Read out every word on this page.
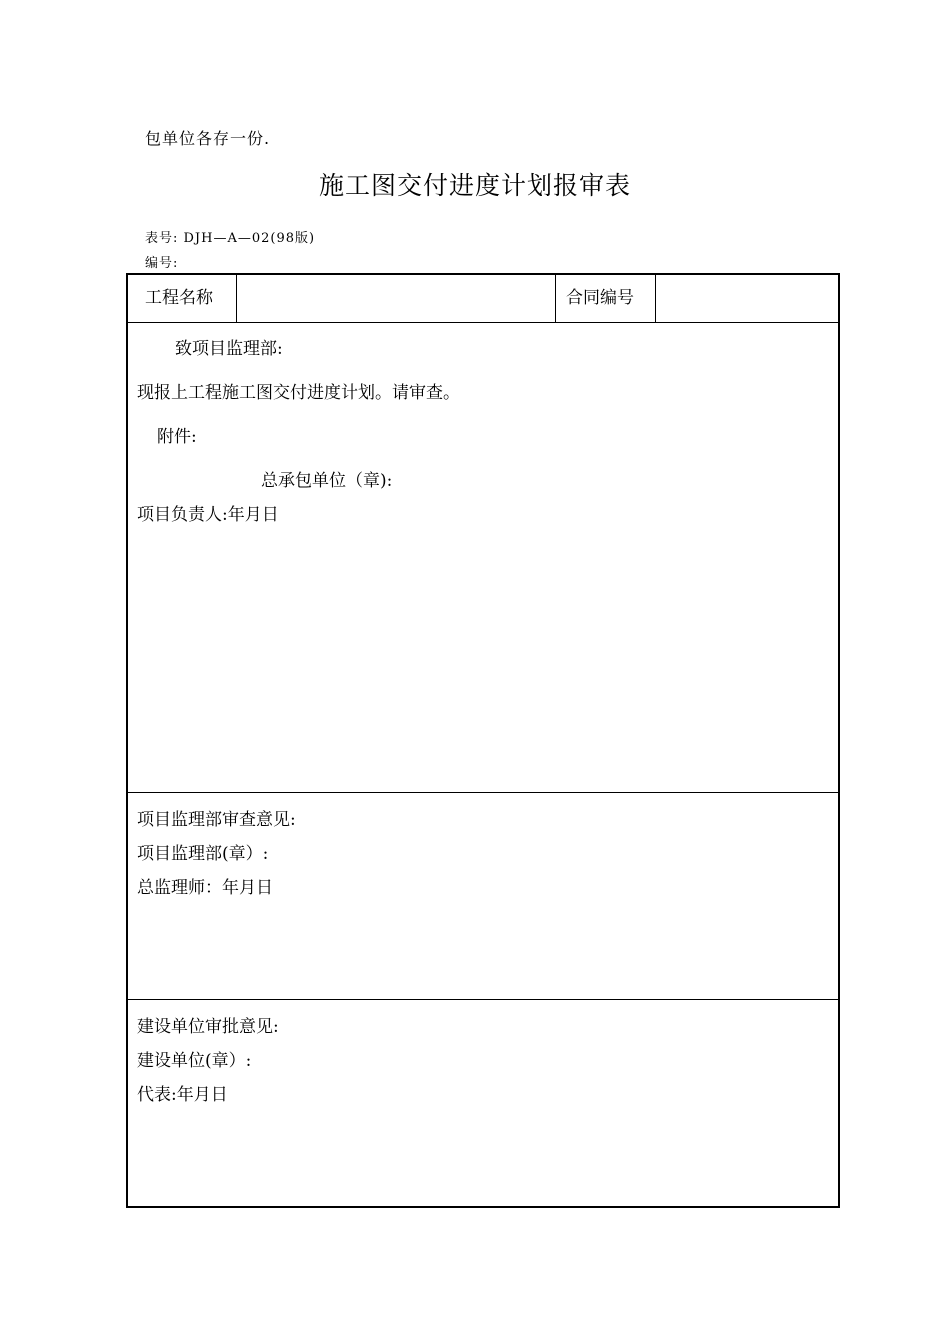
包单位各存一份.
施工图交付进度计划报审表
表号: DJH—A—02(98版)
编号:
工程名称	合同编号
致项目监理部:
现报上工程施工图交付进度计划。请审查。
附件:
总承包单位（章):
项目负责人:年月日
项目监理部审查意见:
项目监理部(章）:
总监理师：年月日
建设单位审批意见:
建设单位(章）:
代表:年月日
